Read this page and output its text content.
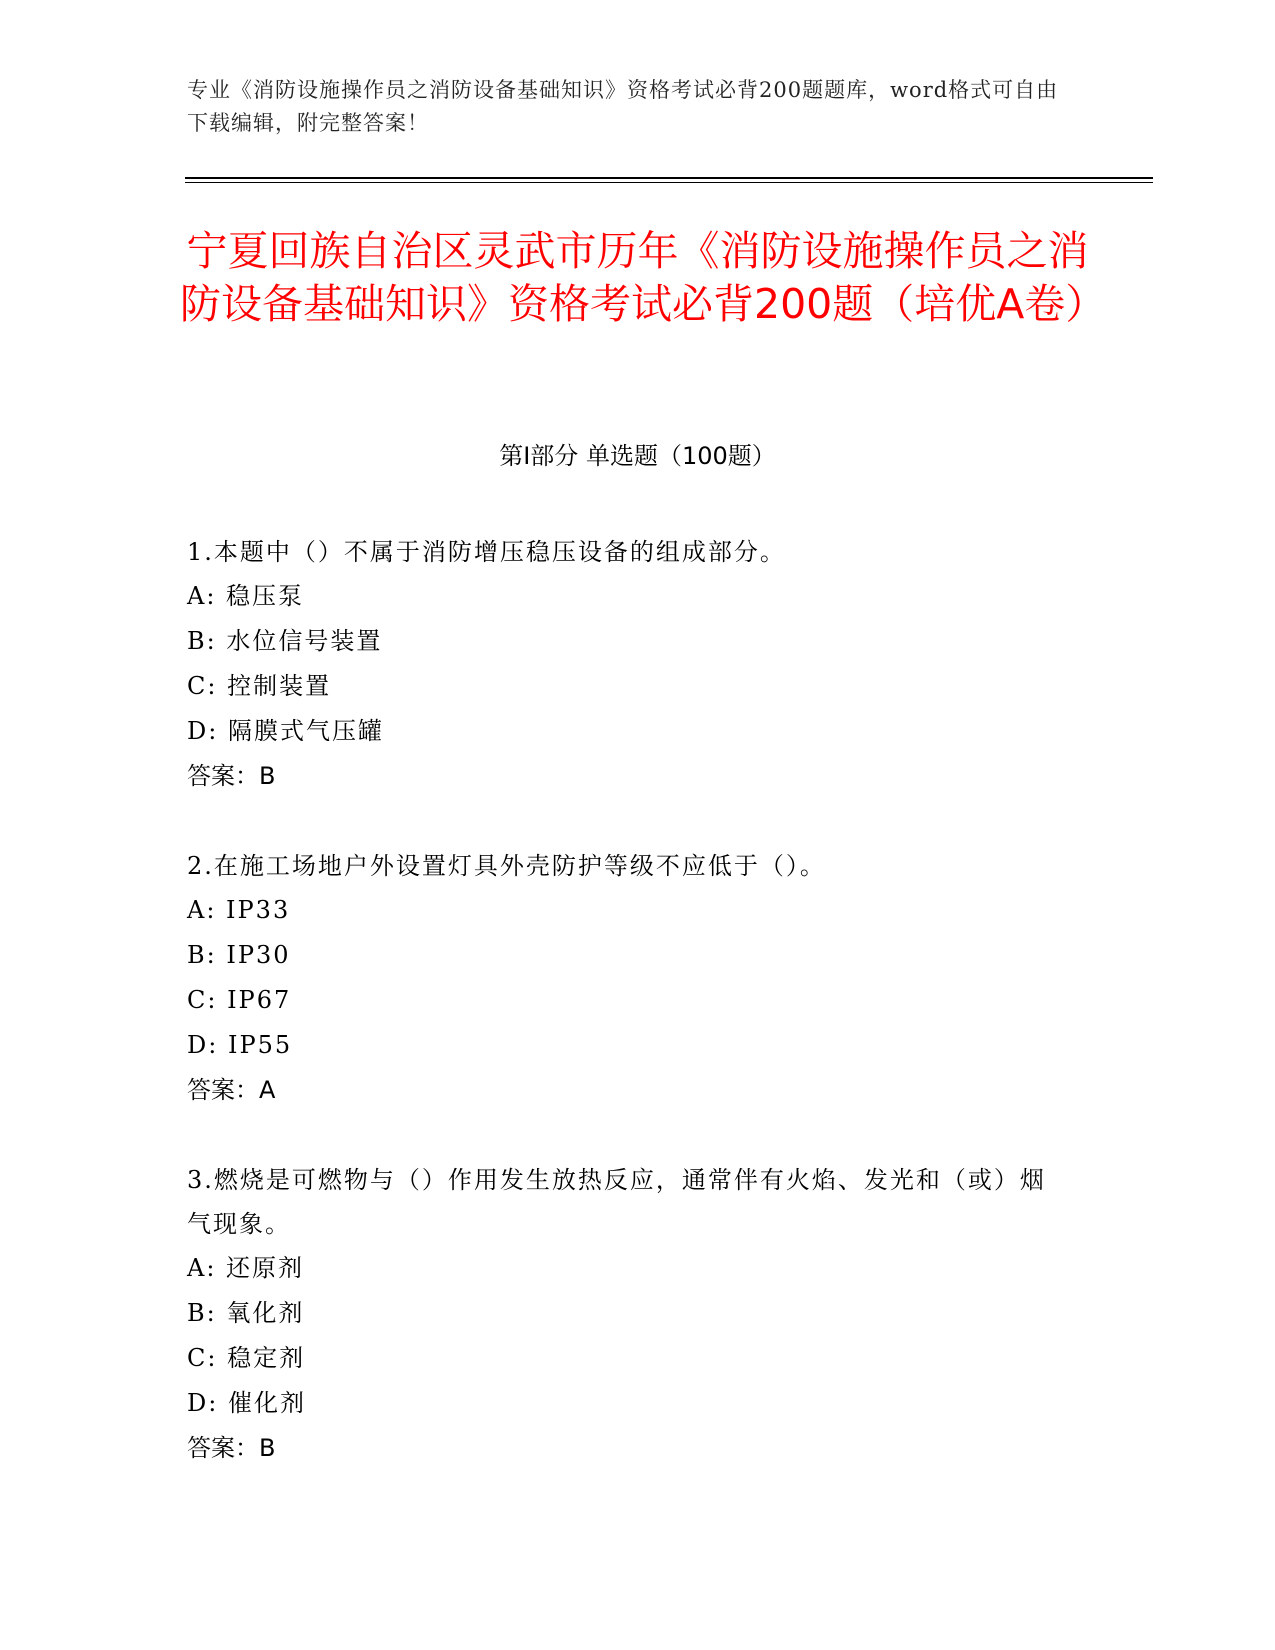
专业《消防设施操作员之消防设备基础知识》资格考试必背200题题库，word格式可自由下载编辑，附完整答案！
宁夏回族自治区灵武市历年《消防设施操作员之消防设备基础知识》资格考试必背200题（培优A卷）
第Ⅰ部分 单选题（100题）

1.本题中（）不属于消防增压稳压设备的组成部分。

A: 稳压泵

B: 水位信号装置

C: 控制装置

D: 隔膜式气压罐

答案：B

2.在施工场地户外设置灯具外壳防护等级不应低于（）。

A: IP33

B: IP30

C: IP67

D: IP55

答案：A

3.燃烧是可燃物与（）作用发生放热反应，通常伴有火焰、发光和（或）烟气现象。

A: 还原剂

B: 氧化剂

C: 稳定剂

D: 催化剂

答案：B
